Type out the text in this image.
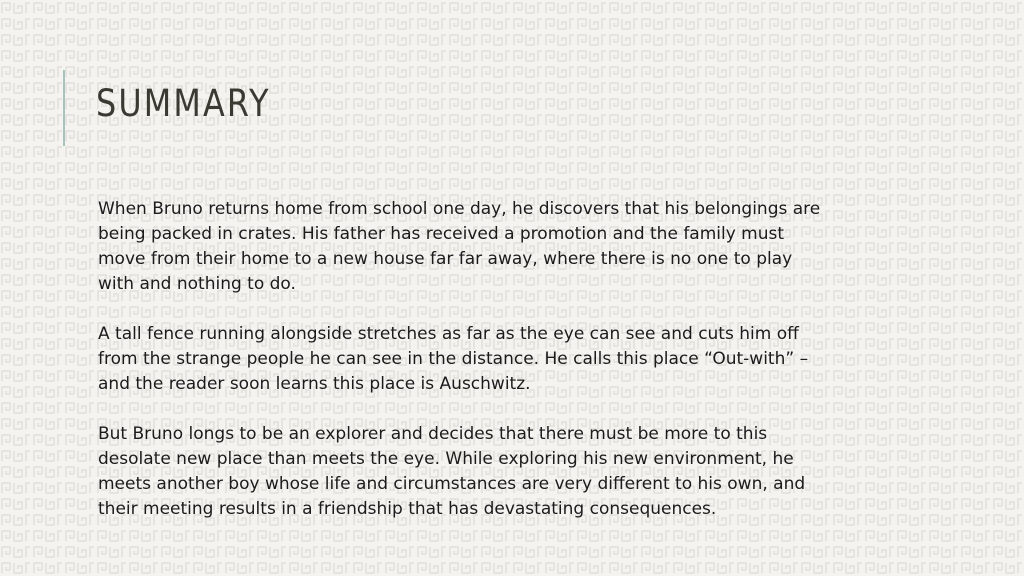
SUMMARY

When Bruno returns home from school one day, he discovers that his belongings are
being packed in crates. His father has received a promotion and the family must
move from their home to a new house far far away, where there is no one to play
with and nothing to do.

A tall fence running alongside stretches as far as the eye can see and cuts him off
from the strange people he can see in the distance. He calls this place “Out-with” –
and the reader soon learns this place is Auschwitz.

But Bruno longs to be an explorer and decides that there must be more to this
desolate new place than meets the eye. While exploring his new environment, he
meets another boy whose life and circumstances are very different to his own, and
their meeting results in a friendship that has devastating consequences.
